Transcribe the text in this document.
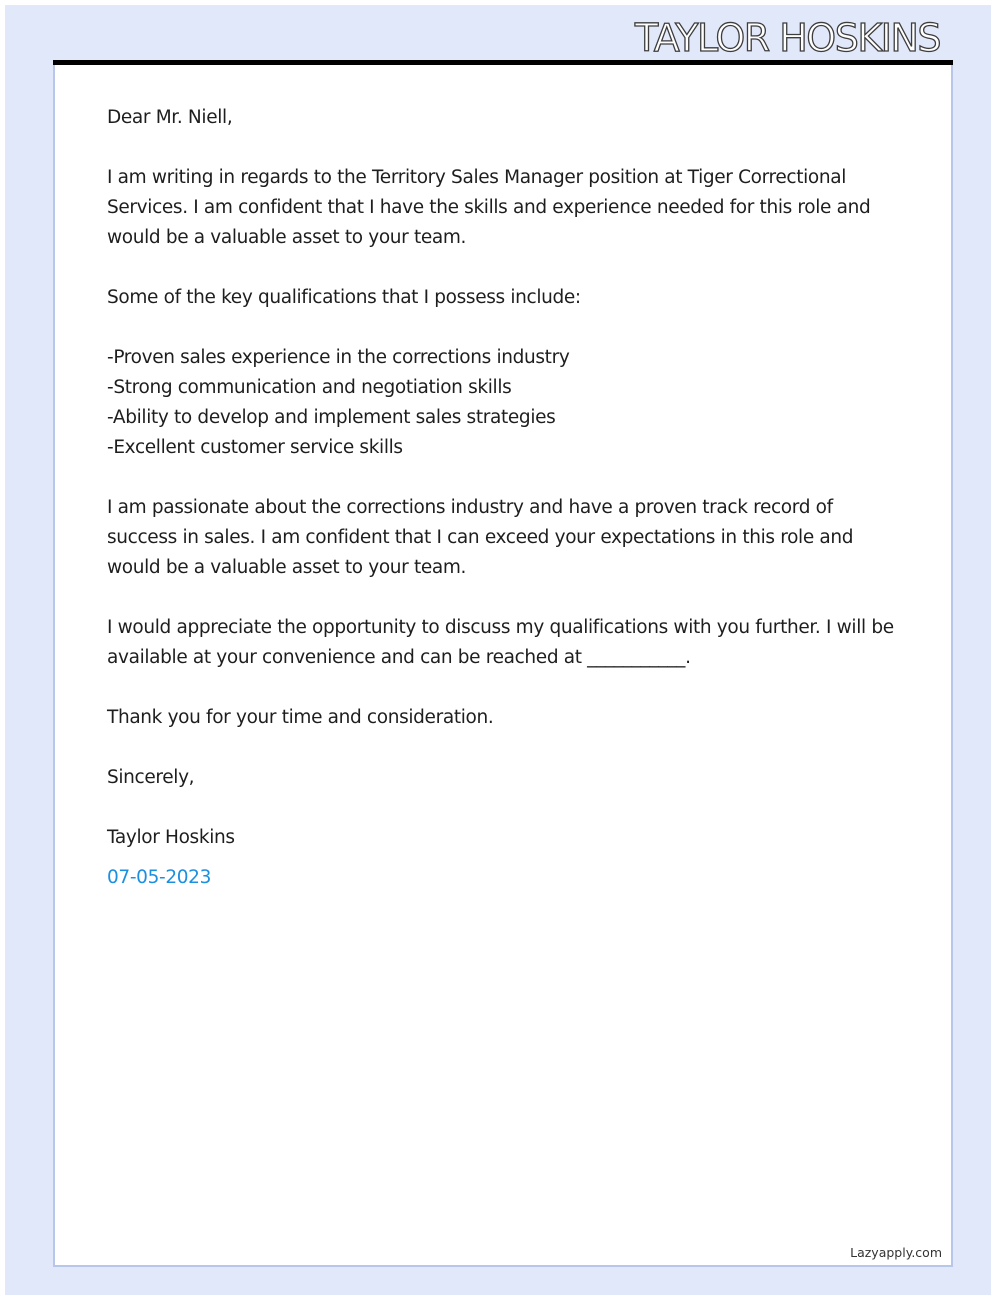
TAYLOR HOSKINS

Dear Mr. Niell,

I am writing in regards to the Territory Sales Manager position at Tiger Correctional Services. I am confident that I have the skills and experience needed for this role and would be a valuable asset to your team.

Some of the key qualifications that I possess include:

-Proven sales experience in the corrections industry
-Strong communication and negotiation skills
-Ability to develop and implement sales strategies
-Excellent customer service skills

I am passionate about the corrections industry and have a proven track record of success in sales. I am confident that I can exceed your expectations in this role and would be a valuable asset to your team.

I would appreciate the opportunity to discuss my qualifications with you further. I will be available at your convenience and can be reached at ___________.

Thank you for your time and consideration.

Sincerely,

Taylor Hoskins

07-05-2023

Lazyapply.com
